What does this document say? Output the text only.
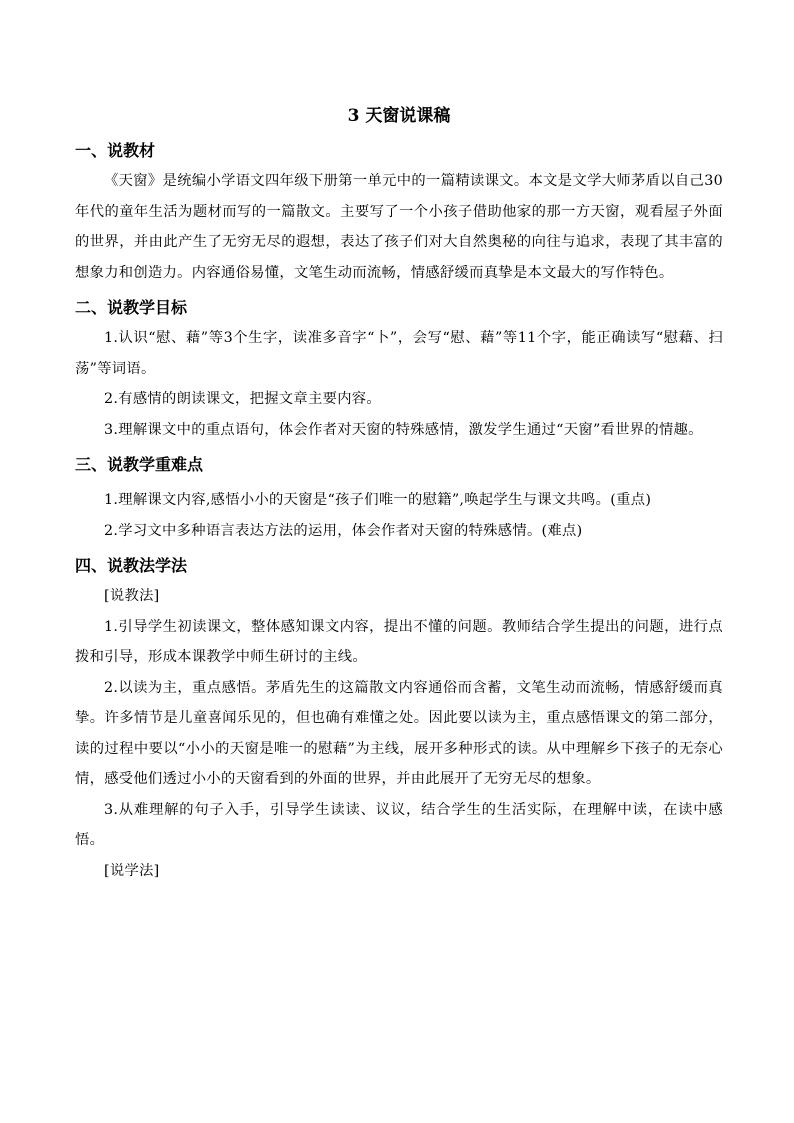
3 天窗说课稿
一、说教材

《天窗》是统编小学语文四年级下册第一单元中的一篇精读课文。本文是文学大师茅盾以自己30年代的童年生活为题材而写的一篇散文。主要写了一个小孩子借助他家的那一方天窗，观看屋子外面的世界，并由此产生了无穷无尽的遐想，表达了孩子们对大自然奥秘的向往与追求，表现了其丰富的想象力和创造力。内容通俗易懂，文笔生动而流畅，情感舒缓而真挚是本文最大的写作特色。

二、说教学目标

1.认识“慰、藉”等3个生字，读准多音字“卜”，会写“慰、藉”等11个字，能正确读写“慰藉、扫荡”等词语。

2.有感情的朗读课文，把握文章主要内容。

3.理解课文中的重点语句，体会作者对天窗的特殊感情，激发学生通过“天窗”看世界的情趣。

三、说教学重难点

1.理解课文内容,感悟小小的天窗是“孩子们唯一的慰籍”,唤起学生与课文共鸣。(重点)

2.学习文中多种语言表达方法的运用，体会作者对天窗的特殊感情。(难点)

四、说教法学法

[说教法]

1.引导学生初读课文，整体感知课文内容，提出不懂的问题。教师结合学生提出的问题，进行点拨和引导，形成本课教学中师生研讨的主线。

2.以读为主，重点感悟。茅盾先生的这篇散文内容通俗而含蓄，文笔生动而流畅，情感舒缓而真挚。许多情节是儿童喜闻乐见的，但也确有难懂之处。因此要以读为主，重点感悟课文的第二部分，读的过程中要以“小小的天窗是唯一的慰藉”为主线，展开多种形式的读。从中理解乡下孩子的无奈心情，感受他们透过小小的天窗看到的外面的世界，并由此展开了无穷无尽的想象。

3.从难理解的句子入手，引导学生读读、议议，结合学生的生活实际，在理解中读，在读中感悟。

[说学法]
